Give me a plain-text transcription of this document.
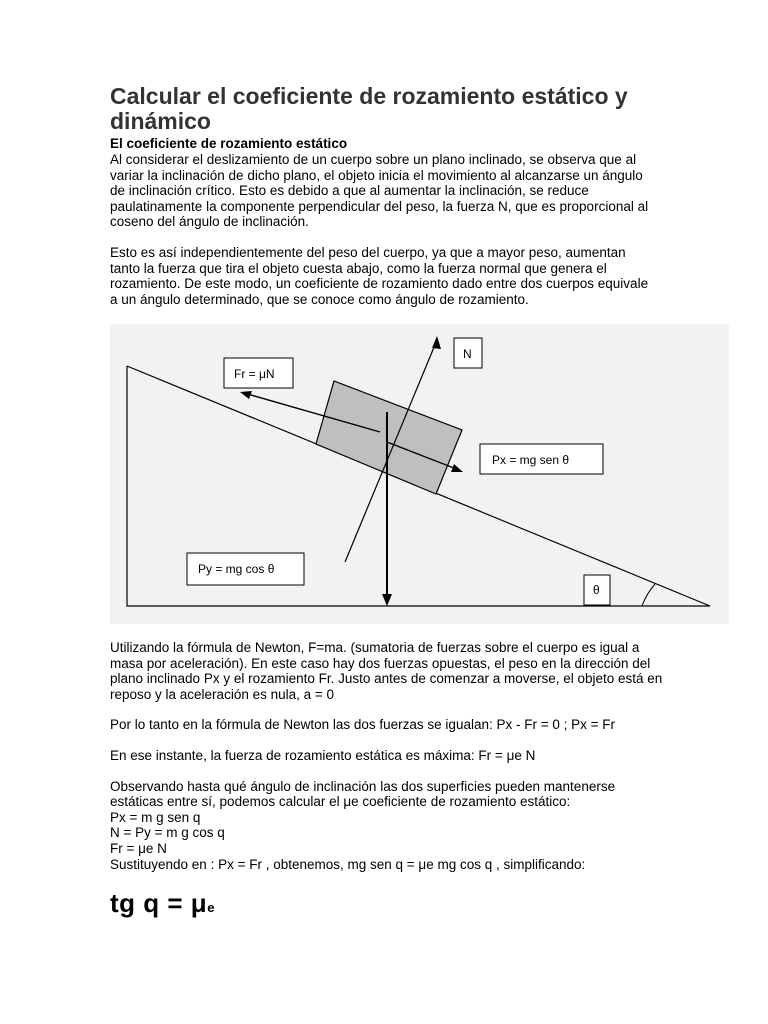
Calcular el coeficiente de rozamiento estático y dinámico
El coeficiente de rozamiento estático

Al considerar el deslizamiento de un cuerpo sobre un plano inclinado, se observa que al variar la inclinación de dicho plano, el objeto inicia el movimiento al alcanzarse un ángulo de inclinación crítico. Esto es debido a que al aumentar la inclinación, se reduce paulatinamente la componente perpendicular del peso, la fuerza N, que es proporcional al coseno del ángulo de inclinación.

Esto es así independientemente del peso del cuerpo, ya que a mayor peso, aumentan tanto la fuerza que tira el objeto cuesta abajo, como la fuerza normal que genera el rozamiento. De este modo, un coeficiente de rozamiento dado entre dos cuerpos equivale a un ángulo determinado, que se conoce como ángulo de rozamiento.

Fr = μN
N
Px = mg sen θ
Py = mg cos θ
θ

Utilizando la fórmula de Newton, F=ma. (sumatoria de fuerzas sobre el cuerpo es igual a masa por aceleración). En este caso hay dos fuerzas opuestas, el peso en la dirección del plano inclinado Px y el rozamiento Fr. Justo antes de comenzar a moverse, el objeto está en reposo y la aceleración es nula, a = 0

Por lo tanto en la fórmula de Newton las dos fuerzas se igualan: Px - Fr = 0 ; Px = Fr

En ese instante, la fuerza de rozamiento estática es máxima: Fr = μe N

Observando hasta qué ángulo de inclinación las dos superficies pueden mantenerse estáticas entre sí, podemos calcular el μe coeficiente de rozamiento estático:

Px = m g sen q

N = Py = m g cos q

Fr = μe N

Sustituyendo en : Px = Fr , obtenemos, mg sen q = μe mg cos q , simplificando:

tg q = μe
